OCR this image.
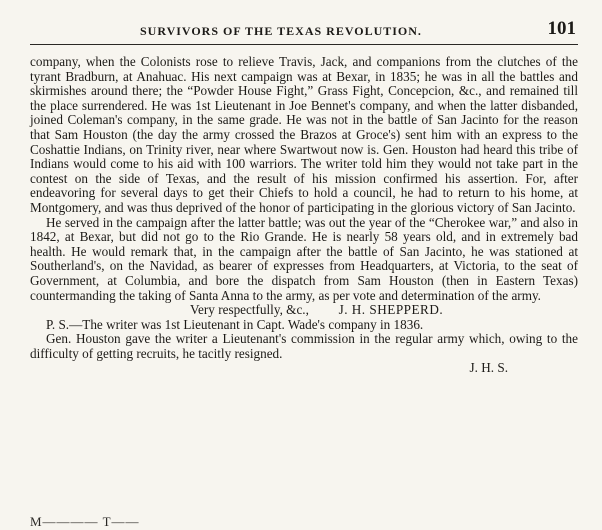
SURVIVORS OF THE TEXAS REVOLUTION.	101

company, when the Colonists rose to relieve Travis, Jack, and companions from the clutches of the tyrant Bradburn, at Anahuac. His next campaign was at Bexar, in 1835; he was in all the battles and skirmishes around there; the “Powder House Fight,” Grass Fight, Concepcion, &c., and remained till the place surrendered. He was 1st Lieutenant in Joe Bennet's company, and when the latter disbanded, joined Coleman's company, in the same grade. He was not in the battle of San Jacinto for the reason that Sam Houston (the day the army crossed the Brazos at Groce's) sent him with an express to the Coshattie Indians, on Trinity river, near where Swartwout now is. Gen. Houston had heard this tribe of Indians would come to his aid with 100 warriors. The writer told him they would not take part in the contest on the side of Texas, and the result of his mission confirmed his assertion. For, after endeavoring for several days to get their Chiefs to hold a council, he had to return to his home, at Montgomery, and was thus deprived of the honor of participating in the glorious victory of San Jacinto.

He served in the campaign after the latter battle; was out the year of the “Cherokee war,” and also in 1842, at Bexar, but did not go to the Rio Grande. He is nearly 58 years old, and in extremely bad health. He would remark that, in the campaign after the battle of San Jacinto, he was stationed at Southerland's, on the Navidad, as bearer of expresses from Headquarters, at Victoria, to the seat of Government, at Columbia, and bore the dispatch from Sam Houston (then in Eastern Texas) countermanding the taking of Santa Anna to the army, as per vote and determination of the army.

Very respectfully, &c., J. H. SHEPPERD.

P. S.—The writer was 1st Lieutenant in Capt. Wade's company in 1836.

Gen. Houston gave the writer a Lieutenant's commission in the regular army which, owing to the difficulty of getting recruits, he tacitly resigned.

J. H. S.

M———— T——
